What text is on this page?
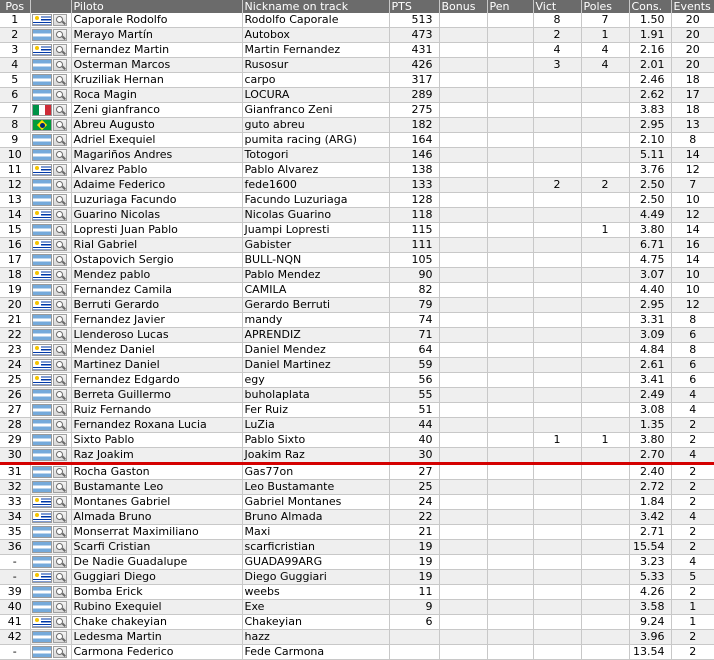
Pos		Piloto	Nickname on track	PTS	Bonus	Pen	Vict	Poles	Cons.	Events
1		Caporale Rodolfo	Rodolfo Caporale	513			8	7	1.50	20
2		Merayo Martín	Autobox	473			2	1	1.91	20
3		Fernandez Martin	Martin Fernandez	431			4	4	2.16	20
4		Osterman Marcos	Rusosur	426			3	4	2.01	20
5		Kruziliak Hernan	carpo	317					2.46	18
6		Roca Magin	LOCURA	289					2.62	17
7		Zeni gianfranco	Gianfranco Zeni	275					3.83	18
8		Abreu Augusto	guto abreu	182					2.95	13
9		Adriel Exequiel	pumita racing (ARG)	164					2.10	8
10		Magariños Andres	Totogori	146					5.11	14
11		Alvarez Pablo	Pablo Alvarez	138					3.76	12
12		Adaime Federico	fede1600	133			2	2	2.50	7
13		Luzuriaga Facundo	Facundo Luzuriaga	128					2.50	10
14		Guarino Nicolas	Nicolas Guarino	118					4.49	12
15		Lopresti Juan Pablo	Juampi Lopresti	115				1	3.80	14
16		Rial Gabriel	Gabister	111					6.71	16
17		Ostapovich Sergio	BULL-NQN	105					4.75	14
18		Mendez pablo	Pablo Mendez	90					3.07	10
19		Fernandez Camila	CAMILA	82					4.40	10
20		Berruti Gerardo	Gerardo Berruti	79					2.95	12
21		Fernandez Javier	mandy	74					3.31	8
22		Llenderoso Lucas	APRENDIZ	71					3.09	6
23		Mendez Daniel	Daniel Mendez	64					4.84	8
24		Martinez Daniel	Daniel Martinez	59					2.61	6
25		Fernandez Edgardo	egy	56					3.41	6
26		Berreta Guillermo	buholaplata	55					2.49	4
27		Ruiz Fernando	Fer Ruiz	51					3.08	4
28		Fernandez Roxana Lucia	LuZia	44					1.35	2
29		Sixto Pablo	Pablo Sixto	40			1	1	3.80	2
30		Raz Joakim	Joakim Raz	30					2.70	4
31		Rocha Gaston	Gas77on	27					2.40	2
32		Bustamante Leo	Leo Bustamante	25					2.72	2
33		Montanes Gabriel	Gabriel Montanes	24					1.84	2
34		Almada Bruno	Bruno Almada	22					3.42	4
35		Monserrat Maximiliano	Maxi	21					2.71	2
36		Scarfi Cristian	scarficristian	19					15.54	2
-		De Nadie Guadalupe	GUADA99ARG	19					3.23	4
-		Guggiari Diego	Diego Guggiari	19					5.33	5
39		Bomba Erick	weebs	11					4.26	2
40		Rubino Exequiel	Exe	9					3.58	1
41		Chake chakeyian	Chakeyian	6					9.24	1
42		Ledesma Martin	hazz						3.96	2
-		Carmona Federico	Fede Carmona						13.54	2
